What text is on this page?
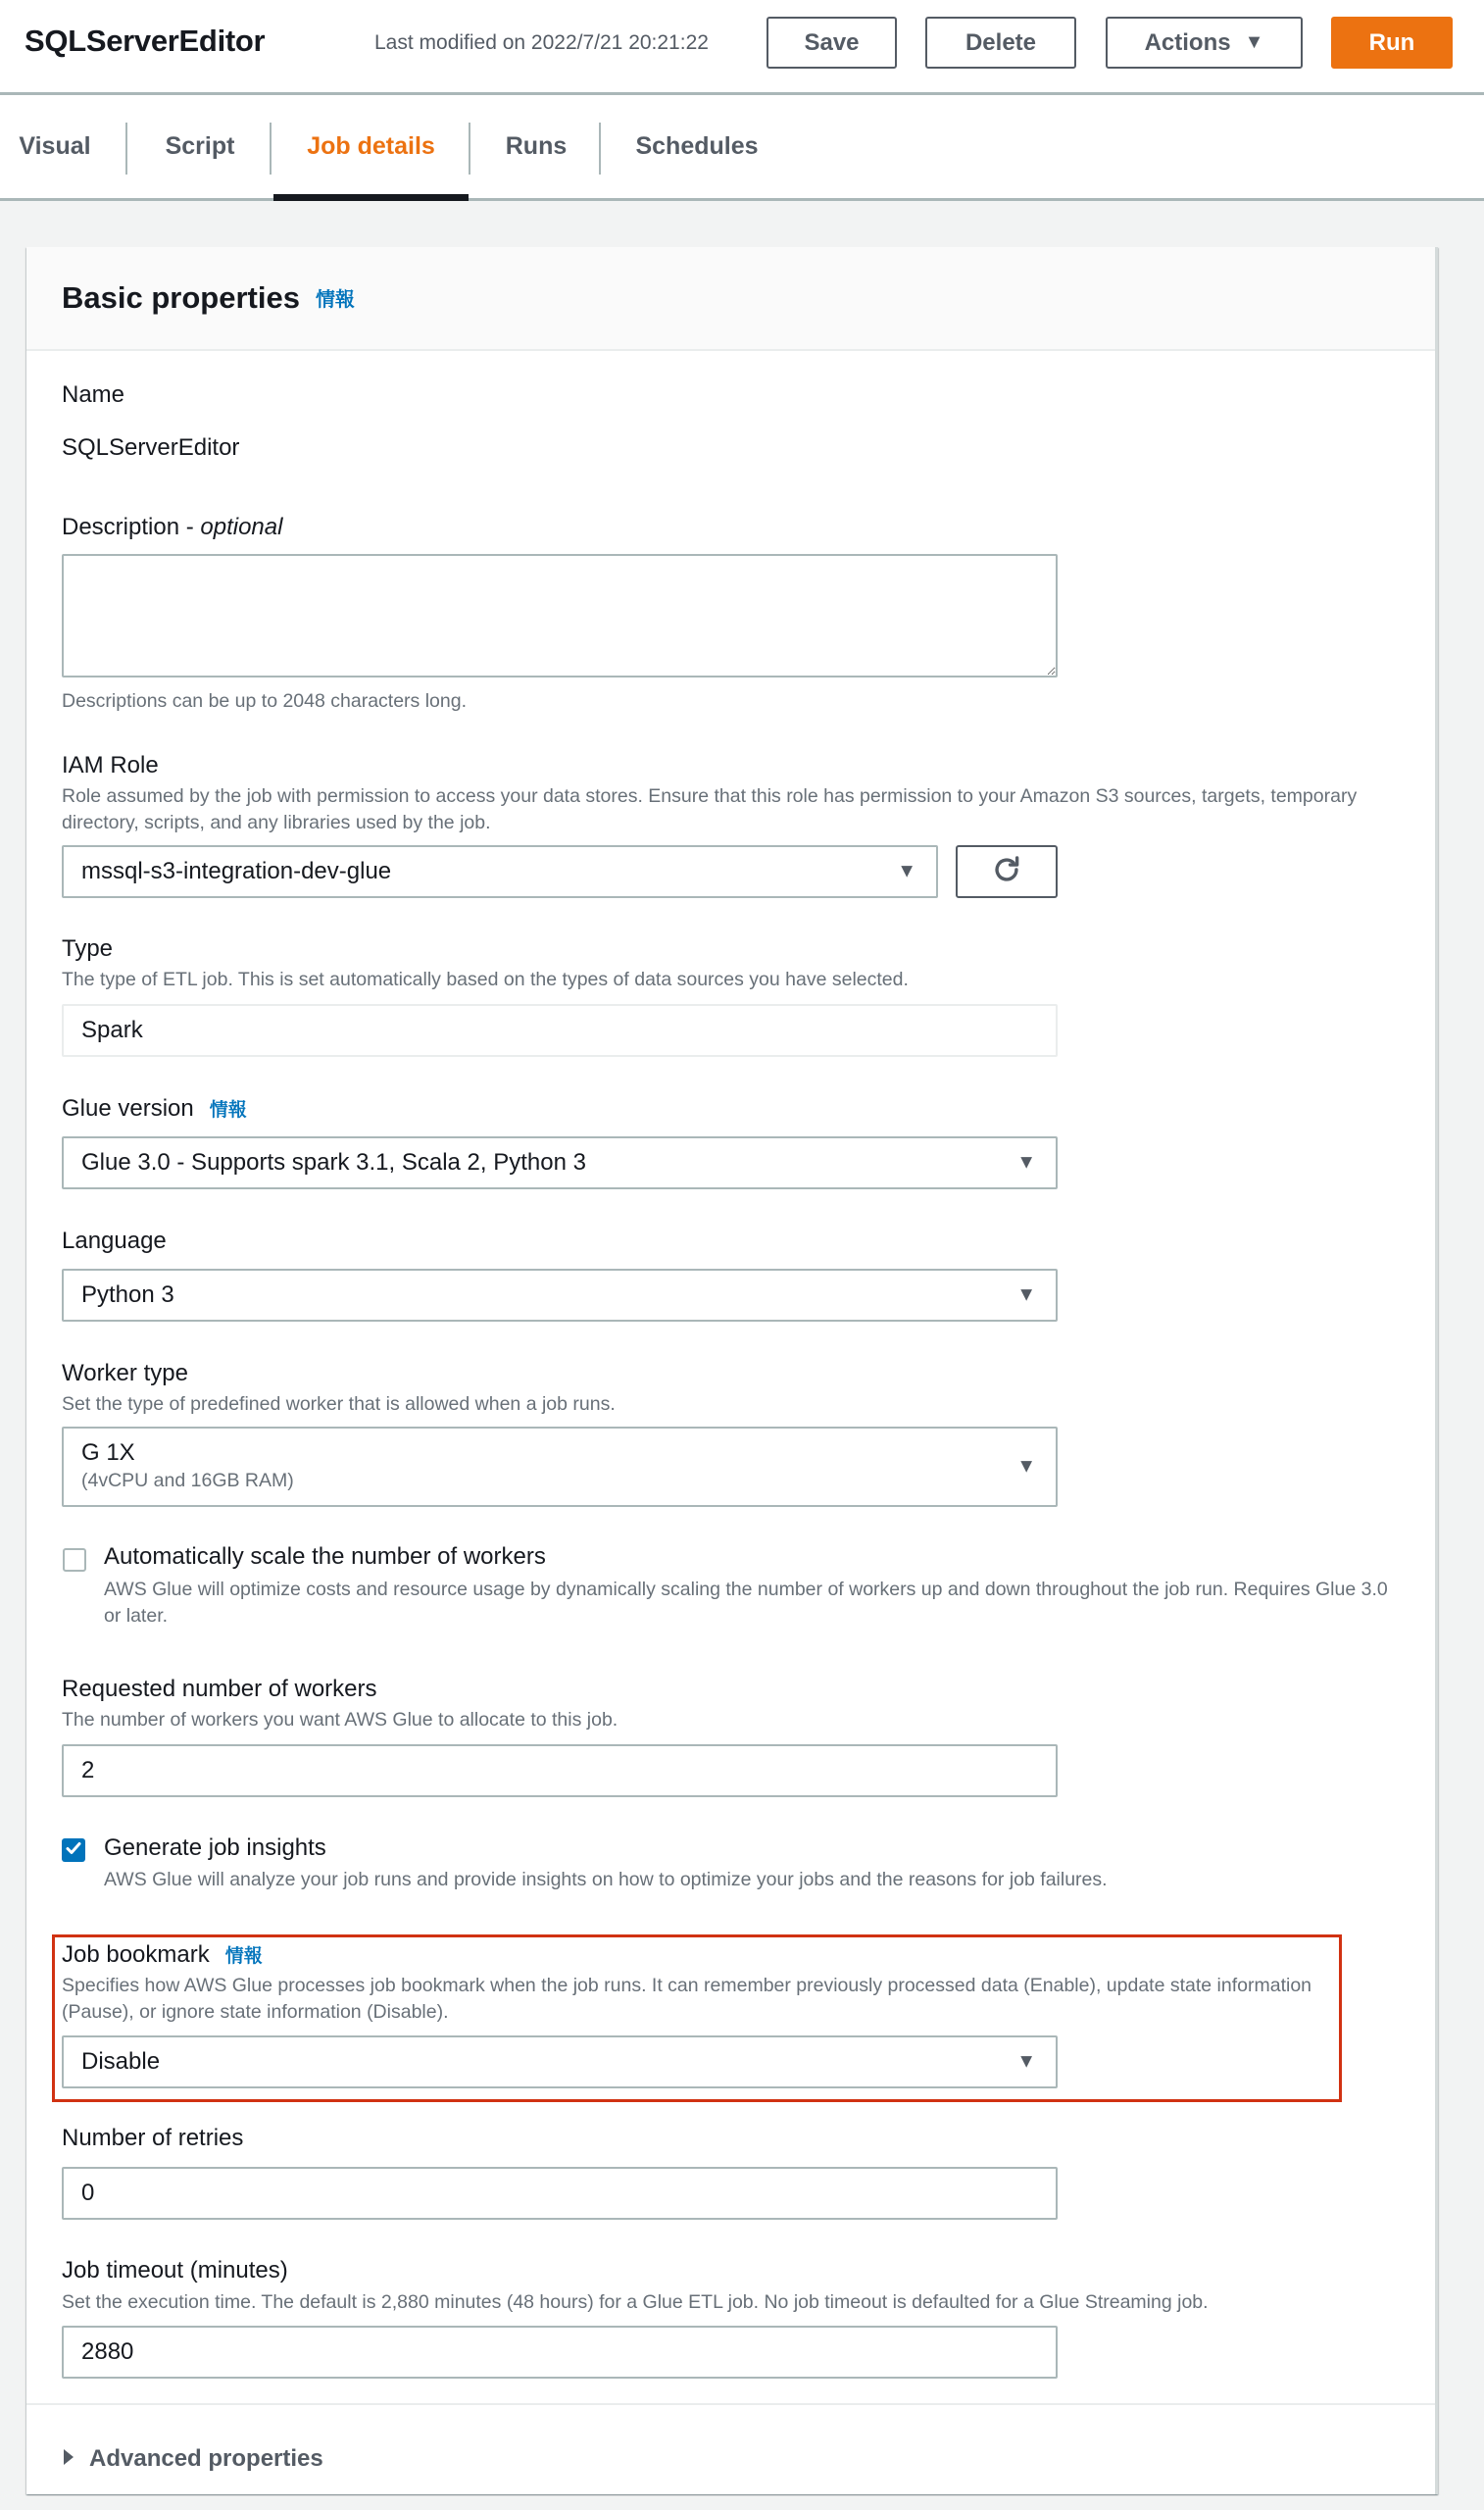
SQLServerEditor	Last modified on 2022/7/21 20:21:22	Save	Delete	Actions ▼	Run
Visual	Script	Job details	Runs	Schedules
Basic properties 情報
Name
SQLServerEditor
Description - optional
Descriptions can be up to 2048 characters long.
IAM Role
Role assumed by the job with permission to access your data stores. Ensure that this role has permission to your Amazon S3 sources, targets, temporary directory, scripts, and any libraries used by the job.
mssql-s3-integration-dev-glue	▼
Type
The type of ETL job. This is set automatically based on the types of data sources you have selected.
Spark
Glue version 情報
Glue 3.0 - Supports spark 3.1, Scala 2, Python 3	▼
Language
Python 3	▼
Worker type
Set the type of predefined worker that is allowed when a job runs.
G 1X
(4vCPU and 16GB RAM)
▼
Automatically scale the number of workers
AWS Glue will optimize costs and resource usage by dynamically scaling the number of workers up and down throughout the job run. Requires Glue 3.0 or later.
Requested number of workers
The number of workers you want AWS Glue to allocate to this job.
2
Generate job insights
AWS Glue will analyze your job runs and provide insights on how to optimize your jobs and the reasons for job failures.
Job bookmark 情報
Specifies how AWS Glue processes job bookmark when the job runs. It can remember previously processed data (Enable), update state information (Pause), or ignore state information (Disable).
Disable	▼
Number of retries
0
Job timeout (minutes)
Set the execution time. The default is 2,880 minutes (48 hours) for a Glue ETL job. No job timeout is defaulted for a Glue Streaming job.
2880
Advanced properties
